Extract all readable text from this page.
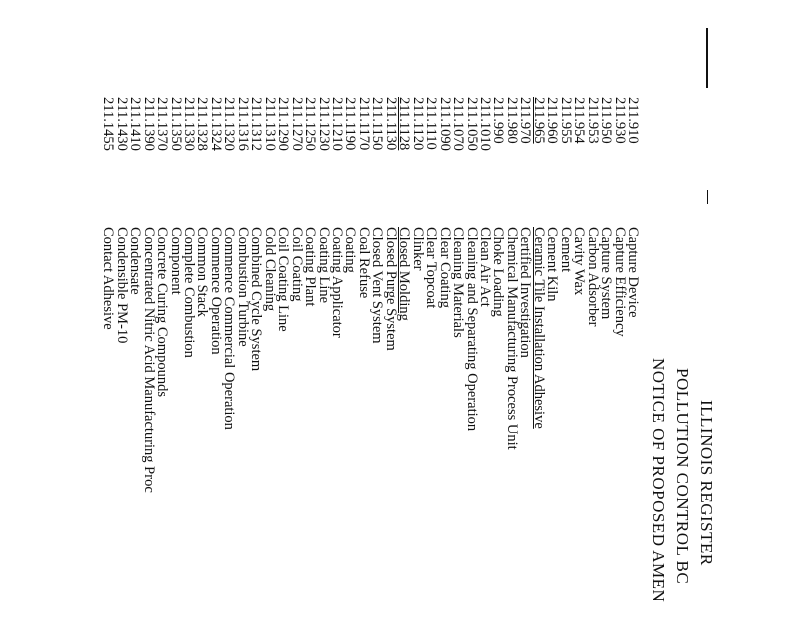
ILLINOIS REGISTER
POLLUTION CONTROL BC
NOTICE OF PROPOSED AMEN
211.910
Capture Device
211.930
Capture Efficiency
211.950
Capture System
211.953
Carbon Adsorber
211.954
Cavity Wax
211.955
Cement
211.960
Cement Kiln
211.965
Ceramic Tile Installation Adhesive
211.970
Certified Investigation
211.980
Chemical Manufacturing Process Unit
211.990
Choke Loading
211.1010
Clean Air Act
211.1050
Cleaning and Separating Operation
211.1070
Cleaning Materials
211.1090
Clear Coating
211.1110
Clear Topcoat
211.1120
Clinker
211.1128
Closed Molding
211.1130
Closed Purge System
211.1150
Closed Vent System
211.1170
Coal Refuse
211.1190
Coating
211.1210
Coating Applicator
211.1230
Coating Line
211.1250
Coating Plant
211.1270
Coil Coating
211.1290
Coil Coating Line
211.1310
Cold Cleaning
211.1312
Combined Cycle System
211.1316
Combustion Turbine
211.1320
Commence Commercial Operation
211.1324
Commence Operation
211.1328
Common Stack
211.1330
Complete Combustion
211.1350
Component
211.1370
Concrete Curing Compounds
211.1390
Concentrated Nitric Acid Manufacturing Proc
211.1410
Condensate
211.1430
Condensible PM-10
211.1455
Contact Adhesive
